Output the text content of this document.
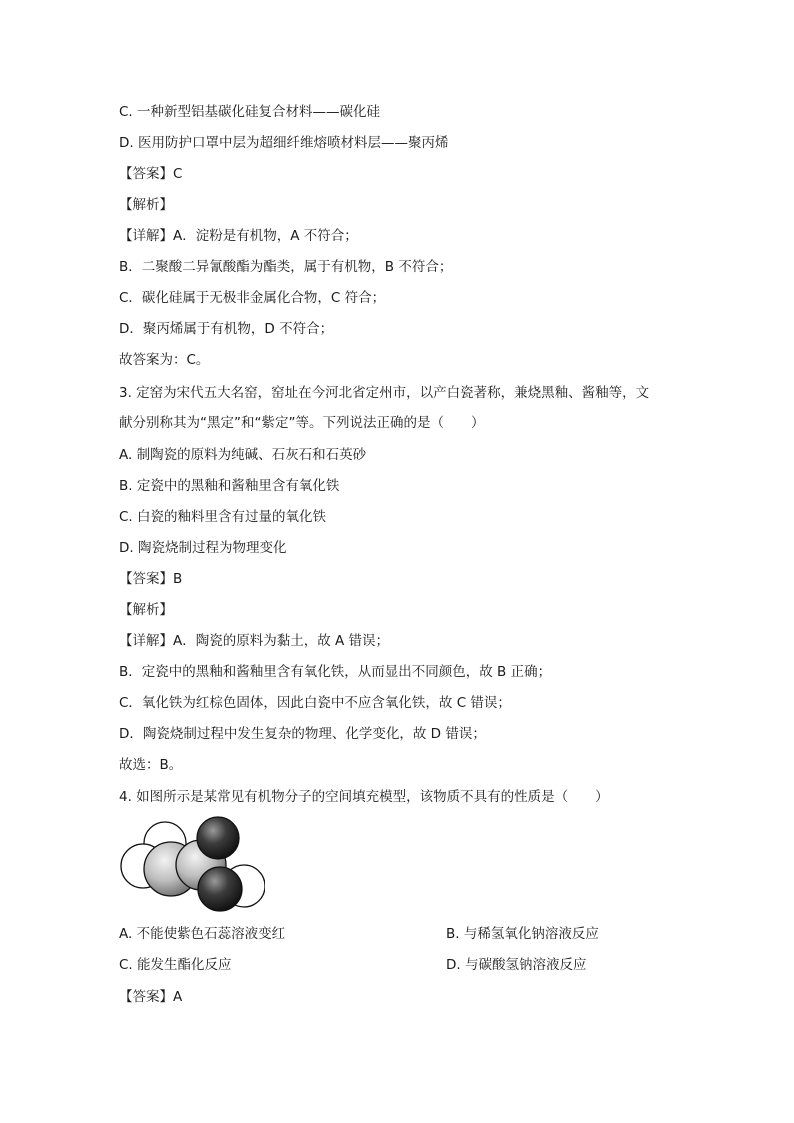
C. 一种新型铝基碳化硅复合材料——碳化硅
D. 医用防护口罩中层为超细纤维熔喷材料层——聚丙烯
【答案】C
【解析】
【详解】A．淀粉是有机物，A 不符合；
B．二聚酸二异氰酸酯为酯类，属于有机物，B 不符合；
C．碳化硅属于无极非金属化合物，C 符合；
D．聚丙烯属于有机物，D 不符合；
故答案为：C。
3. 定窑为宋代五大名窑，窑址在今河北省定州市，以产白瓷著称，兼烧黑釉、酱釉等，文
献分别称其为“黑定”和“紫定”等。下列说法正确的是（　　）
A. 制陶瓷的原料为纯碱、石灰石和石英砂
B. 定瓷中的黑釉和酱釉里含有氧化铁
C. 白瓷的釉料里含有过量的氧化铁
D. 陶瓷烧制过程为物理变化
【答案】B
【解析】
【详解】A．陶瓷的原料为黏土，故 A 错误；
B．定瓷中的黑釉和酱釉里含有氧化铁，从而显出不同颜色，故 B 正确；
C．氧化铁为红棕色固体，因此白瓷中不应含氧化铁，故 C 错误；
D．陶瓷烧制过程中发生复杂的物理、化学变化，故 D 错误；
故选：B。
4. 如图所示是某常见有机物分子的空间填充模型，该物质不具有的性质是（　　）
A. 不能使紫色石蕊溶液变红	B. 与稀氢氧化钠溶液反应
C. 能发生酯化反应	D. 与碳酸氢钠溶液反应
【答案】A
